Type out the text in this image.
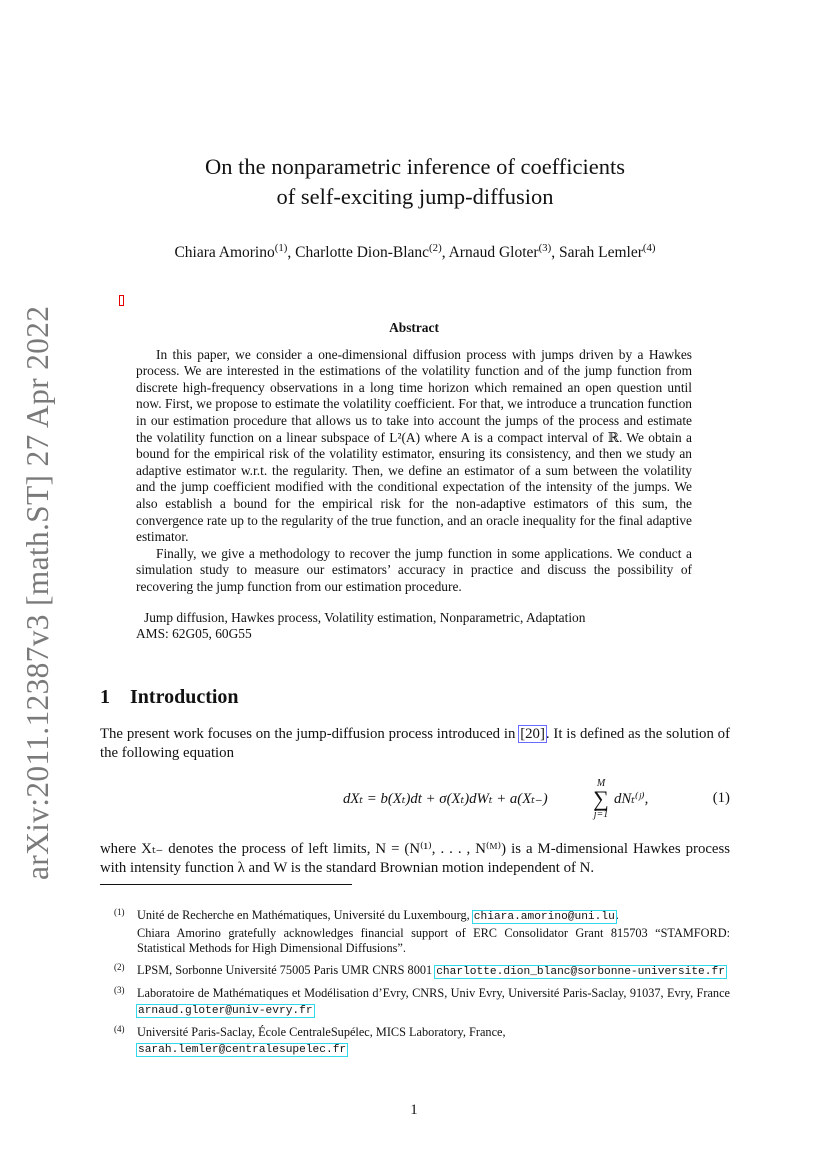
arXiv:2011.12387v3 [math.ST] 27 Apr 2022
On the nonparametric inference of coefficients
of self-exciting jump-diffusion
Chiara Amorino$^{(1)}$, Charlotte Dion-Blanc$^{(2)}$, Arnaud Gloter$^{(3)}$, Sarah Lemler$^{(4)}$
Abstract

In this paper, we consider a one-dimensional diffusion process with jumps driven by a Hawkes process. We are interested in the estimations of the volatility function and of the jump function from discrete high-frequency observations in a long time horizon which remained an open question until now. First, we propose to estimate the volatility coefficient. For that, we introduce a truncation function in our estimation procedure that allows us to take into account the jumps of the process and estimate the volatility function on a linear subspace of L²(A) where A is a compact interval of ℝ. We obtain a bound for the empirical risk of the volatility estimator, ensuring its consistency, and then we study an adaptive estimator w.r.t. the regularity. Then, we define an estimator of a sum between the volatility and the jump coefficient modified with the conditional expectation of the intensity of the jumps. We also establish a bound for the empirical risk for the non-adaptive estimators of this sum, the convergence rate up to the regularity of the true function, and an oracle inequality for the final adaptive estimator.

Finally, we give a methodology to recover the jump function in some applications. We conduct a simulation study to measure our estimators’ accuracy in practice and discuss the possibility of recovering the jump function from our estimation procedure.

Jump diffusion, Hawkes process, Volatility estimation, Nonparametric, Adaptation
AMS: 62G05, 60G55
1 Introduction

The present work focuses on the jump-diffusion process introduced in [20]. It is defined as the solution of the following equation

dXₜ = b(Xₜ)dt + σ(Xₜ)dWₜ + a(Xₜ₋)
M
∑
j=1
dNₜ⁽ʲ⁾,	(1)

where Xₜ₋ denotes the process of left limits, N = (N⁽¹⁾, . . . , N⁽ᴹ⁾) is a M-dimensional Hawkes process with intensity function λ and W is the standard Brownian motion independent of N.

(1) Unité de Recherche en Mathématiques, Université du Luxembourg, chiara.amorino@uni.lu.
Chiara Amorino gratefully acknowledges financial support of ERC Consolidator Grant 815703 “STAMFORD: Statistical Methods for High Dimensional Diffusions”.
(2) LPSM, Sorbonne Université 75005 Paris UMR CNRS 8001 charlotte.dion_blanc@sorbonne-universite.fr
(3) Laboratoire de Mathématiques et Modélisation d’Evry, CNRS, Univ Evry, Université Paris-Saclay, 91037, Evry, France arnaud.gloter@univ-evry.fr
(4) Université Paris-Saclay, École CentraleSupélec, MICS Laboratory, France,
sarah.lemler@centralesupelec.fr
1
